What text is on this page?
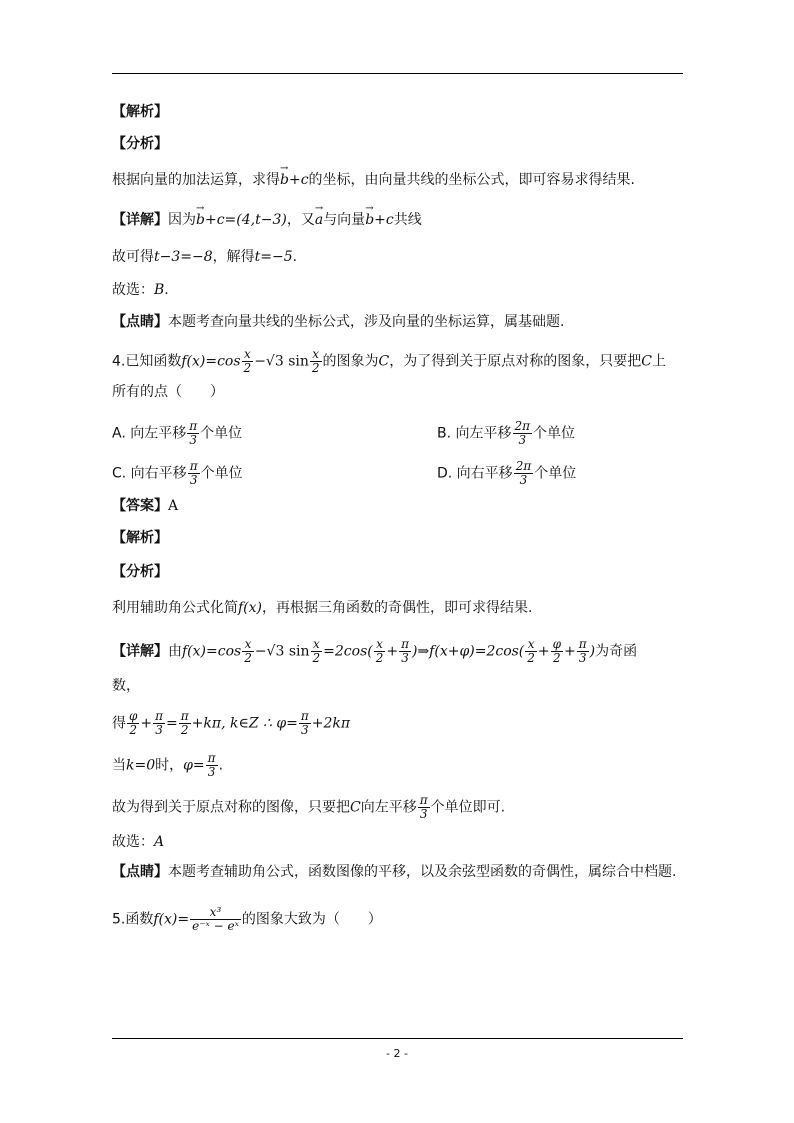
【解析】
【分析】
根据向量的加法运算，求得→ b+c的坐标，由向量共线的坐标公式，即可容易求得结果.
【详解】因为→ b+c=(4,t−3)，又→ a与向量→ b+c共线
故可得t−3=−8，解得t=−5.
故选：B.
【点睛】本题考查向量共线的坐标公式，涉及向量的坐标运算，属基础题.
4.已知函数$f(x)=\cos \frac{x}{2} -√3$ $\sin \frac{x}{2}$ 的图象为C，为了得到关于原点对称的图象，只要把C上
所有的点（　　）
A. 向左平移 $\frac{\pi}{3}$ 个单位	B. 向左平移 $\frac{2\pi}{3}$ 个单位
C. 向右平移 $\frac{\pi}{3}$ 个单位	D. 向右平移 $\frac{2\pi}{3}$ 个单位
【答案】A
【解析】
【分析】
利用辅助角公式化简f(x)，再根据三角函数的奇偶性，即可求得结果.
【详解】由$f(x)=\cos \frac{x}{2} -√3$ $\sin \frac{x}{2} =2\cos( \frac{x}{2} + \frac{\pi}{3}$ )⇒f(x+φ)=2cos( $\frac{x}{2} + \frac{\varphi}{2} + \frac{\pi}{3}$ )为奇函
数，
得 $\frac{\varphi}{2} + \frac{\pi}{3} = \frac{\pi}{2} +k\pi$, k∈Z ∴ $\varphi= \frac{\pi}{3} +2k\pi$
当k=0时，$\varphi= \frac{\pi}{3}$ .
故为得到关于原点对称的图像，只要把C向左平移 $\frac{\pi}{3}$ 个单位即可.
故选：A
【点睛】本题考查辅助角公式，函数图像的平移，以及余弦型函数的奇偶性，属综合中档题.
5.函数$f(x)= \frac{\text{x³}}{\text{e⁻ˣ − eˣ}}$ 的图象大致为（　　）
- 2 -
